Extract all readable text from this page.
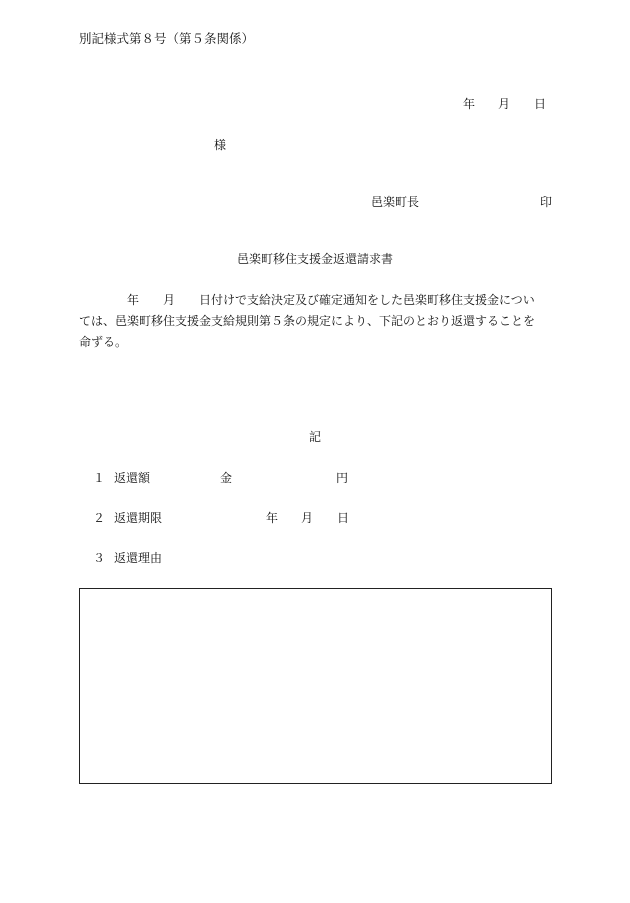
別記様式第８号（第５条関係）
年 月 日
様
邑楽町長	印
邑楽町移住支援金返還請求書
　　　　年　　月　　日付けで支給決定及び確定通知をした邑楽町移住支援金につい
ては、邑楽町移住支援金支給規則第５条の規定により、下記のとおり返還することを
命ずる。
記
１ 返還額	金	円
２ 返還期限	年 月 日
３ 返還理由
